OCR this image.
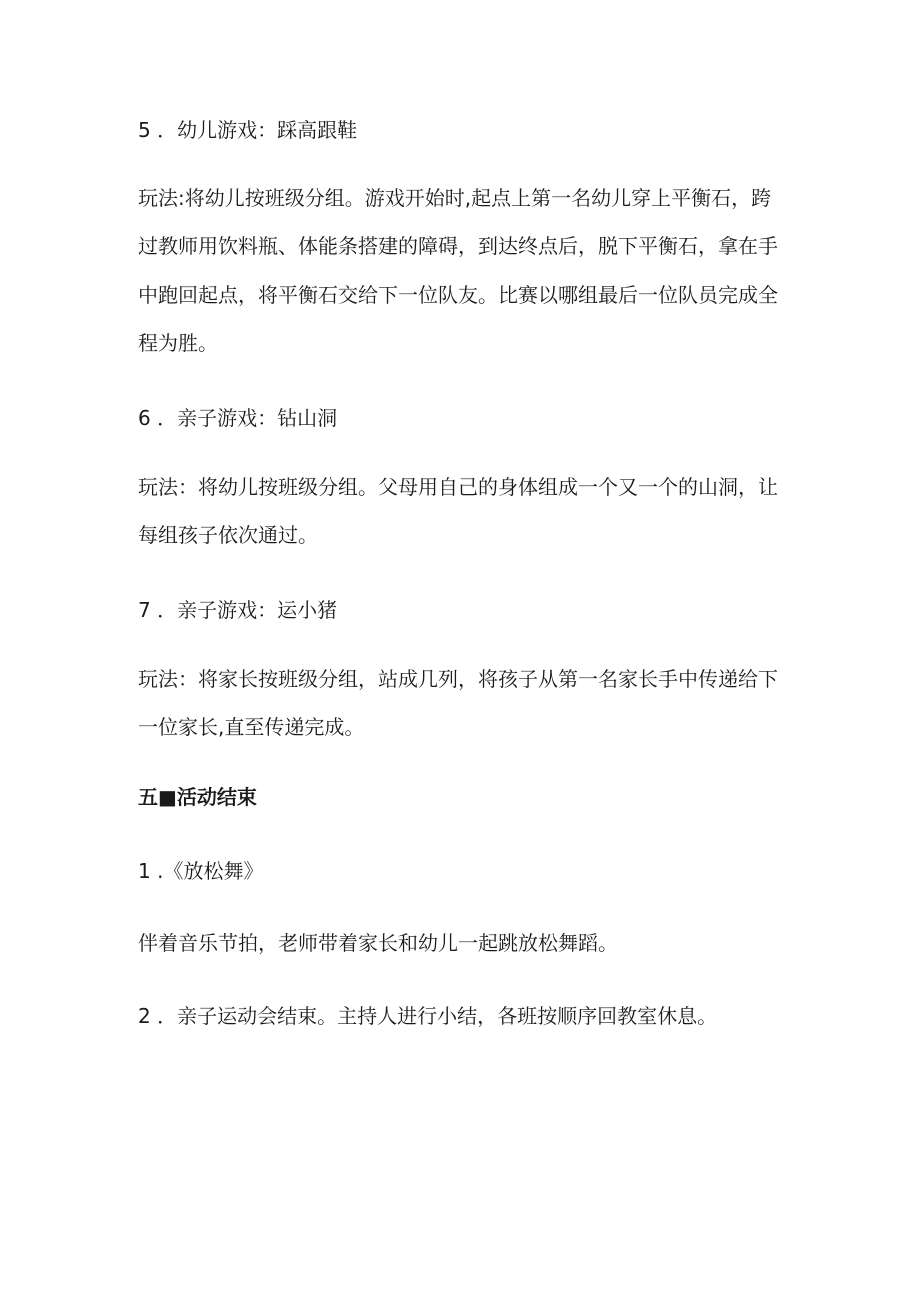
5 ．幼儿游戏：踩高跟鞋

玩法:将幼儿按班级分组。游戏开始时,起点上第一名幼儿穿上平衡石，跨

过教师用饮料瓶、体能条搭建的障碍，到达终点后，脱下平衡石，拿在手

中跑回起点，将平衡石交给下一位队友。比赛以哪组最后一位队员完成全

程为胜。

6 ．亲子游戏：钻山洞

玩法：将幼儿按班级分组。父母用自己的身体组成一个又一个的山洞，让

每组孩子依次通过。

7 ．亲子游戏：运小猪

玩法：将家长按班级分组，站成几列，将孩子从第一名家长手中传递给下

一位家长,直至传递完成。

五■活动结束

1 .《放松舞》

伴着音乐节拍，老师带着家长和幼儿一起跳放松舞蹈。

2 ．亲子运动会结束。主持人进行小结，各班按顺序回教室休息。
